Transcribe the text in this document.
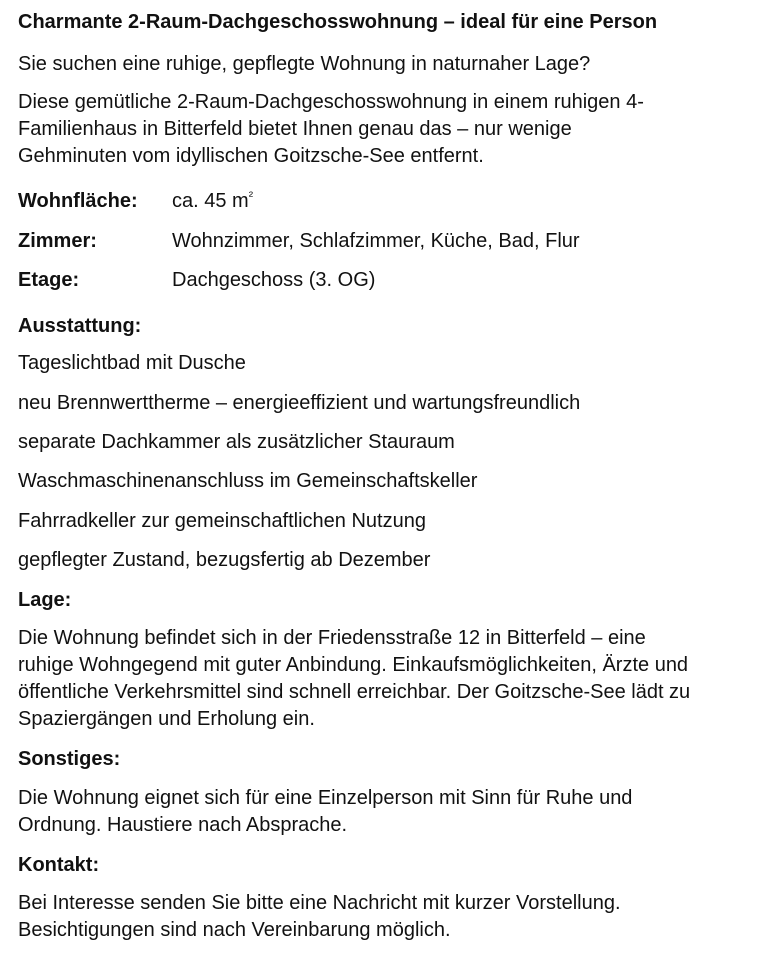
Charmante 2-Raum-Dachgeschosswohnung – ideal für eine Person
Sie suchen eine ruhige, gepflegte Wohnung in naturnaher Lage?
Diese gemütliche 2-Raum-Dachgeschosswohnung in einem ruhigen 4-
Familienhaus in Bitterfeld bietet Ihnen genau das – nur wenige
Gehminuten vom idyllischen Goitzsche-See entfernt.
Wohnfläche: ca. 45 $m^{^2}$
Zimmer:	Wohnzimmer, Schlafzimmer, Küche, Bad, Flur
Etage:	Dachgeschoss (3. OG)
Ausstattung:
Tageslichtbad mit Dusche
neu Brennwerttherme – energieeffizient und wartungsfreundlich
separate Dachkammer als zusätzlicher Stauraum
Waschmaschinenanschluss im Gemeinschaftskeller
Fahrradkeller zur gemeinschaftlichen Nutzung
gepflegter Zustand, bezugsfertig ab Dezember
Lage:
Die Wohnung befindet sich in der Friedensstraße 12 in Bitterfeld – eine
ruhige Wohngegend mit guter Anbindung. Einkaufsmöglichkeiten, Ärzte und
öffentliche Verkehrsmittel sind schnell erreichbar. Der Goitzsche-See lädt zu
Spaziergängen und Erholung ein.
Sonstiges:
Die Wohnung eignet sich für eine Einzelperson mit Sinn für Ruhe und
Ordnung. Haustiere nach Absprache.
Kontakt:
Bei Interesse senden Sie bitte eine Nachricht mit kurzer Vorstellung.
Besichtigungen sind nach Vereinbarung möglich.
